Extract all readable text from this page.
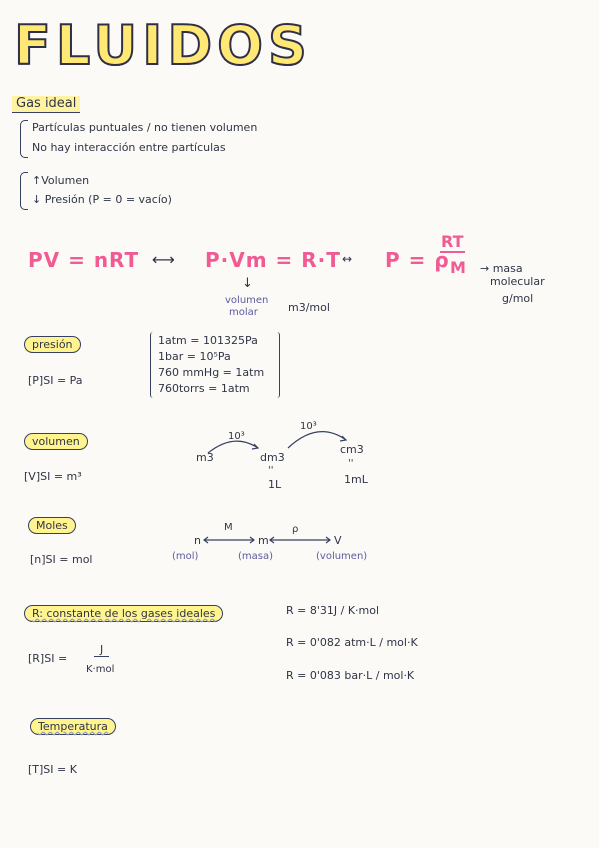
FLUIDOS
Gas ideal
Partículas puntuales / no tienen volumen
No hay interacción entre partículas
↑Volumen
↓ Presión (P = 0 = vacío)
PV = nRT ⟷ P·Vm = R·T ↔ P = ρ
RT
M → masa
molecular
g/mol
↓
volumen
molar	m3/mol
presión
[P]SI = Pa
1atm = 101325Pa
1bar = 10⁵Pa
760 mmHg = 1atm
760torrs = 1atm
volumen
[V]SI = m³
m3	dm3
cm3
10³
10³
''
''
1L	1mL
Moles
[n]SI = mol
n
M
m
ρ
V
(mol)	(masa)	(volumen)
R: constante de los gases ideales
[R]SI =
J
K·mol
R = 8'31J / K·mol
R = 0'082 atm·L / mol·K
R = 0'083 bar·L / mol·K
Temperatura
[T]SI = K
